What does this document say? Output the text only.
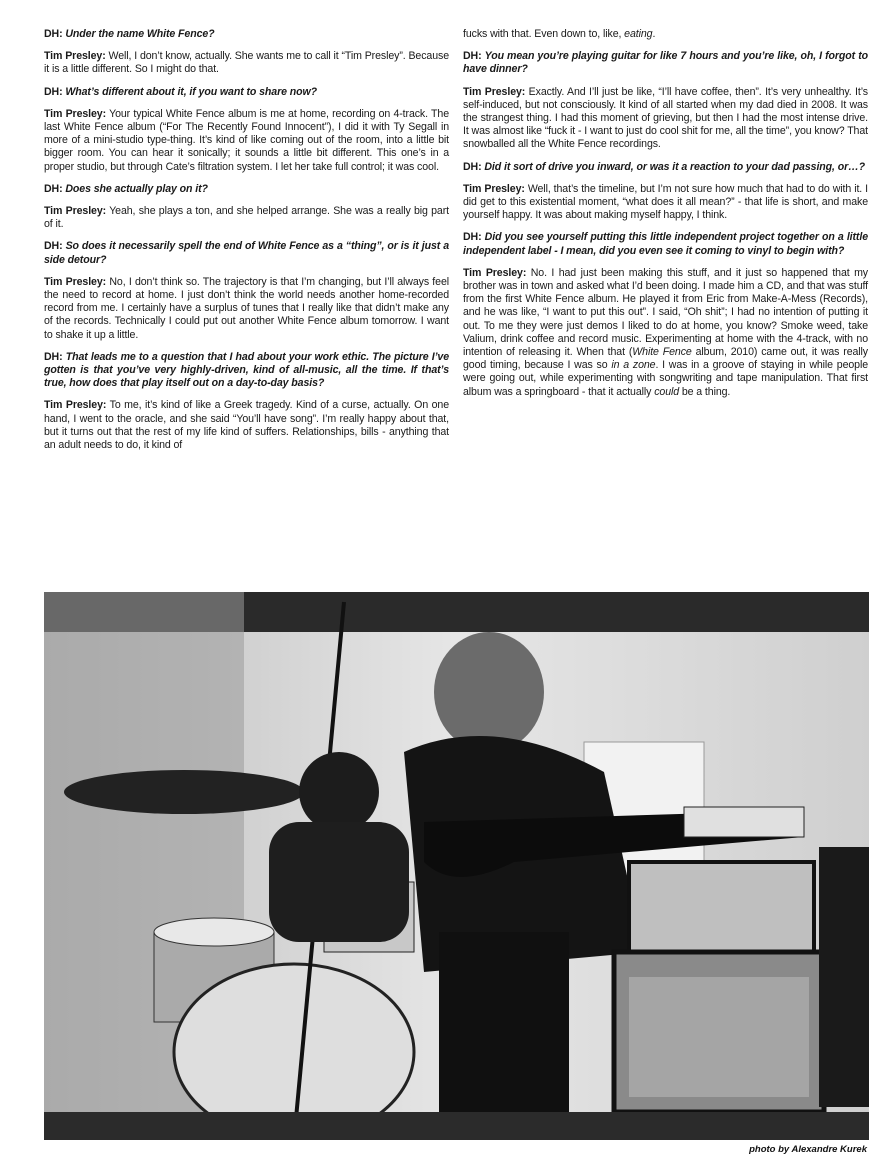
DH: Under the name White Fence?

Tim Presley: Well, I don’t know, actually. She wants me to call it “Tim Presley”. Because it is a little different. So I might do that.

DH: What’s different about it, if you want to share now?

Tim Presley: Your typical White Fence album is me at home, recording on 4-track. The last White Fence album (“For The Recently Found Innocent”), I did it with Ty Segall in more of a mini-studio type-thing. It’s kind of like coming out of the room, into a little bit bigger room. You can hear it sonically; it sounds a little bit different. This one’s in a proper studio, but through Cate’s filtration system. I let her take full control; it was cool.

DH: Does she actually play on it?

Tim Presley: Yeah, she plays a ton, and she helped arrange. She was a really big part of it.

DH: So does it necessarily spell the end of White Fence as a “thing”, or is it just a side detour?

Tim Presley: No, I don’t think so. The trajectory is that I’m changing, but I’ll always feel the need to record at home. I just don’t think the world needs another home-recorded record from me. I certainly have a surplus of tunes that I really like that didn’t make any of the records. Technically I could put out another White Fence album tomorrow. I want to shake it up a little.

DH: That leads me to a question that I had about your work ethic. The picture I’ve gotten is that you’ve very highly-driven, kind of all-music, all the time. If that’s true, how does that play itself out on a day-to-day basis?

Tim Presley: To me, it’s kind of like a Greek tragedy. Kind of a curse, actually. On one hand, I went to the oracle, and she said “You’ll have song”. I’m really happy about that, but it turns out that the rest of my life kind of suffers. Relationships, bills - anything that an adult needs to do, it kind of

fucks with that. Even down to, like, eating.

DH: You mean you’re playing guitar for like 7 hours and you’re like, oh, I forgot to have dinner?

Tim Presley: Exactly. And I’ll just be like, “I’ll have coffee, then”. It’s very unhealthy. It’s self-induced, but not consciously. It kind of all started when my dad died in 2008. It was the strangest thing. I had this moment of grieving, but then I had the most intense drive. It was almost like “fuck it - I want to just do cool shit for me, all the time”, you know? That snowballed all the White Fence recordings.

DH: Did it sort of drive you inward, or was it a reaction to your dad passing, or…?

Tim Presley: Well, that’s the timeline, but I’m not sure how much that had to do with it. I did get to this existential moment, “what does it all mean?” - that life is short, and make yourself happy. It was about making myself happy, I think.

DH: Did you see yourself putting this little independent project together on a little independent label - I mean, did you even see it coming to vinyl to begin with?

Tim Presley: No. I had just been making this stuff, and it just so happened that my brother was in town and asked what I’d been doing. I made him a CD, and that was stuff from the first White Fence album. He played it from Eric from Make-A-Mess (Records), and he was like, “I want to put this out”. I said, “Oh shit”; I had no intention of putting it out. To me they were just demos I liked to do at home, you know? Smoke weed, take Valium, drink coffee and record music. Experimenting at home with the 4-track, with no intention of releasing it. When that (White Fence album, 2010) came out, it was really good timing, because I was so in a zone. I was in a groove of staying in while people were going out, while experimenting with songwriting and tape manipulation. That first album was a springboard - that it actually could be a thing.

photo by Alexandre Kurek
